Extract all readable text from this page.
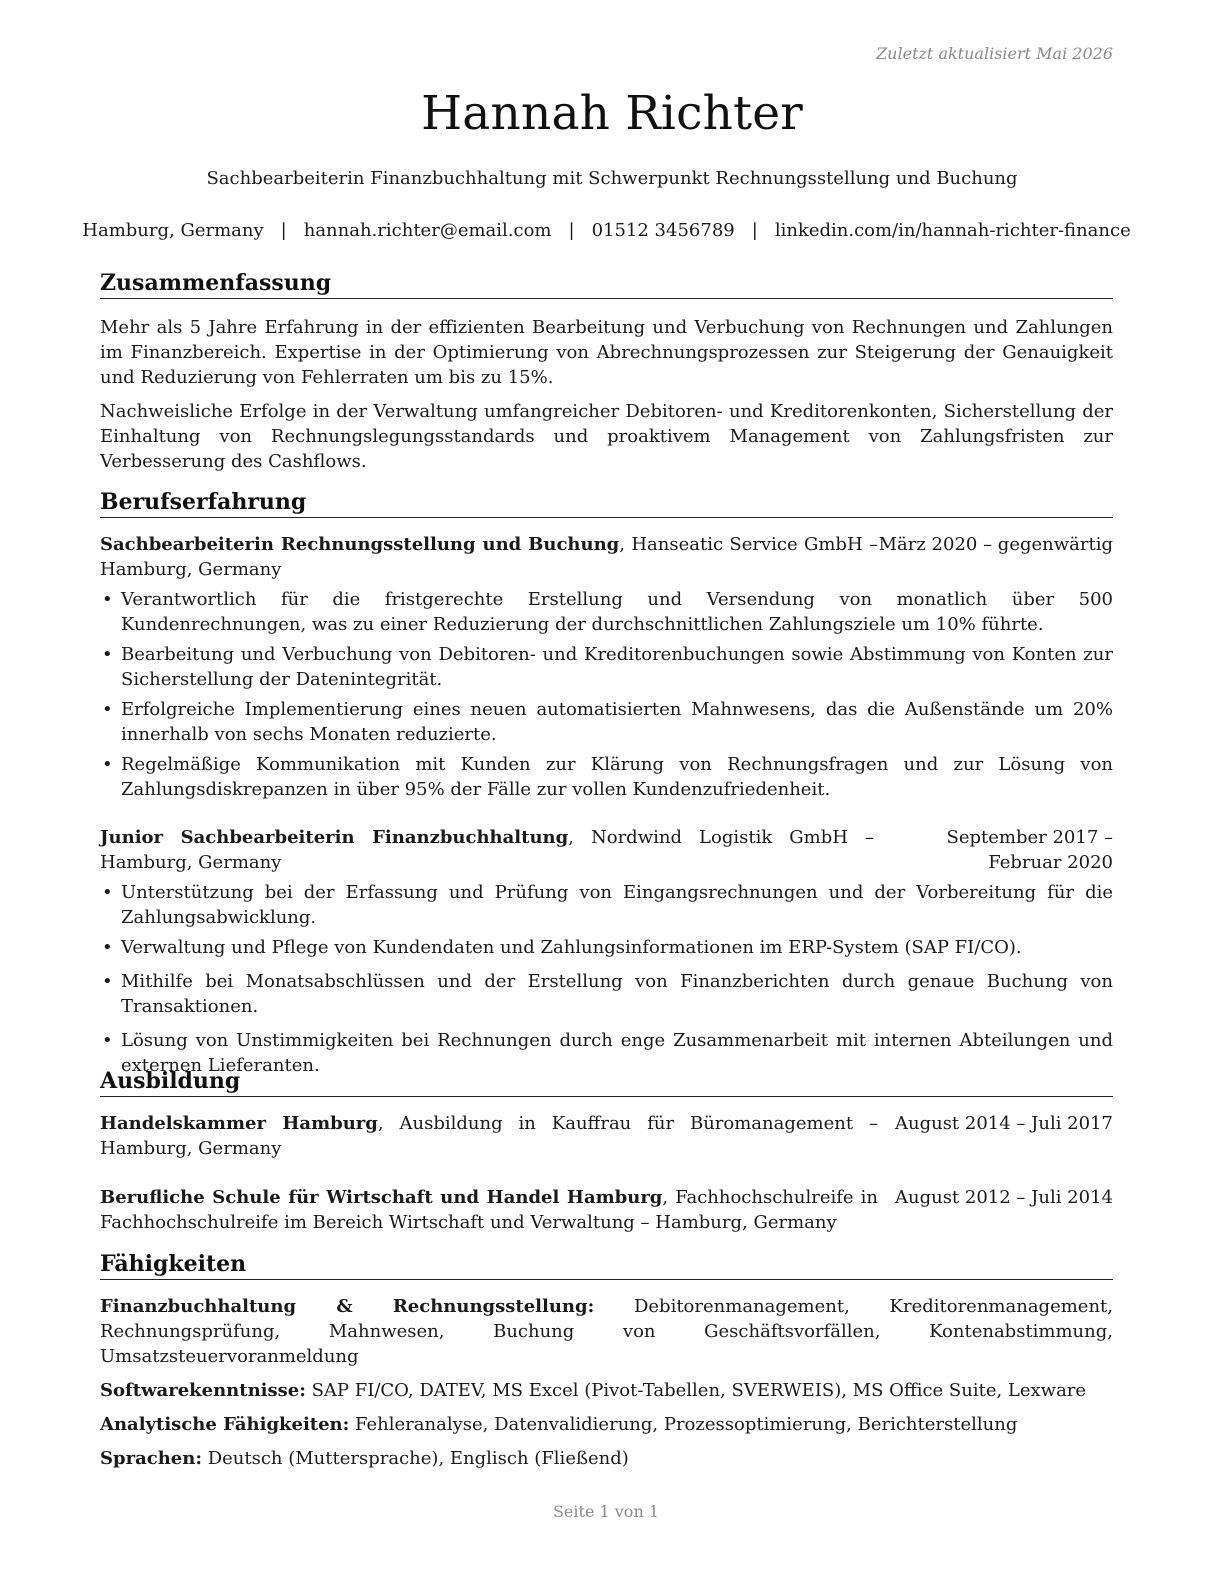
Zuletzt aktualisiert Mai 2026
Hannah Richter
Sachbearbeiterin Finanzbuchhaltung mit Schwerpunkt Rechnungsstellung und Buchung
Hamburg, Germany | hannah.richter@email.com | 01512 3456789 | linkedin.com/in/hannah-richter-finance
Zusammenfassung

Mehr als 5 Jahre Erfahrung in der effizienten Bearbeitung und Verbuchung von Rechnungen und Zahlungen im Finanzbereich. Expertise in der Optimierung von Abrechnungsprozessen zur Steigerung der Genauigkeit und Reduzierung von Fehlerraten um bis zu 15%.

Nachweisliche Erfolge in der Verwaltung umfangreicher Debitoren- und Kreditorenkonten, Sicherstellung der Einhaltung von Rechnungslegungsstandards und proaktivem Management von Zahlungsfristen zur Verbesserung des Cashflows.

Berufserfahrung
Sachbearbeiterin Rechnungsstellung und Buchung, Hanseatic Service GmbH – Hamburg, Germany
März 2020 – gegenwärtig
• Verantwortlich für die fristgerechte Erstellung und Versendung von monatlich über 500 Kundenrechnungen, was zu einer Reduzierung der durchschnittlichen Zahlungsziele um 10% führte.
• Bearbeitung und Verbuchung von Debitoren- und Kreditorenbuchungen sowie Abstimmung von Konten zur Sicherstellung der Datenintegrität.
• Erfolgreiche Implementierung eines neuen automatisierten Mahnwesens, das die Außenstände um 20% innerhalb von sechs Monaten reduzierte.
• Regelmäßige Kommunikation mit Kunden zur Klärung von Rechnungsfragen und zur Lösung von Zahlungsdiskrepanzen in über 95% der Fälle zur vollen Kundenzufriedenheit.
Junior Sachbearbeiterin Finanzbuchhaltung, Nordwind Logistik GmbH – Hamburg, Germany
September 2017 – Februar 2020
• Unterstützung bei der Erfassung und Prüfung von Eingangsrechnungen und der Vorbereitung für die Zahlungsabwicklung.
• Verwaltung und Pflege von Kundendaten und Zahlungsinformationen im ERP-System (SAP FI/CO).
• Mithilfe bei Monatsabschlüssen und der Erstellung von Finanzberichten durch genaue Buchung von Transaktionen.
• Lösung von Unstimmigkeiten bei Rechnungen durch enge Zusammenarbeit mit internen Abteilungen und externen Lieferanten.
Ausbildung
Handelskammer Hamburg, Ausbildung in Kauffrau für Büromanagement – Hamburg, Germany
August 2014 – Juli 2017
Berufliche Schule für Wirtschaft und Handel Hamburg, Fachhochschulreife in Fachhochschulreife im Bereich Wirtschaft und Verwaltung – Hamburg, Germany
August 2012 – Juli 2014
Fähigkeiten

Finanzbuchhaltung & Rechnungsstellung: Debitorenmanagement, Kreditorenmanagement, Rechnungsprüfung, Mahnwesen, Buchung von Geschäftsvorfällen, Kontenabstimmung, Umsatzsteuervoranmeldung

Softwarekenntnisse: SAP FI/CO, DATEV, MS Excel (Pivot-Tabellen, SVERWEIS), MS Office Suite, Lexware

Analytische Fähigkeiten: Fehleranalyse, Datenvalidierung, Prozessoptimierung, Berichterstellung

Sprachen: Deutsch (Muttersprache), Englisch (Fließend)

Seite 1 von 1
